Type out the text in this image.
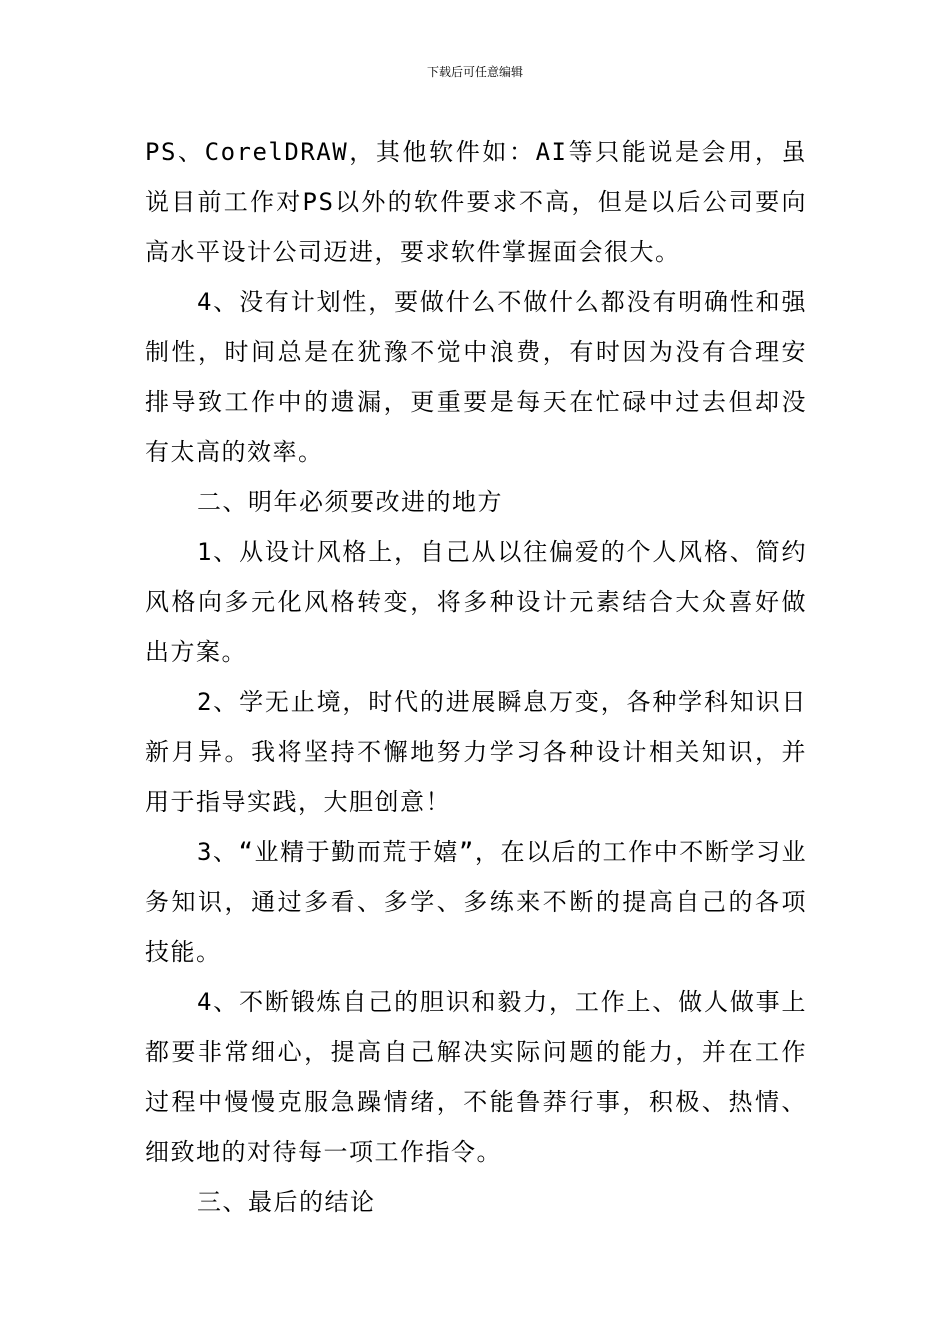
下载后可任意编辑

PS、CorelDRAW，其他软件如：AI等只能说是会用，虽说目前工作对PS以外的软件要求不高，但是以后公司要向高水平设计公司迈进，要求软件掌握面会很大。

4、没有计划性，要做什么不做什么都没有明确性和强制性，时间总是在犹豫不觉中浪费，有时因为没有合理安排导致工作中的遗漏，更重要是每天在忙碌中过去但却没有太高的效率。

二、明年必须要改进的地方

1、从设计风格上，自己从以往偏爱的个人风格、简约风格向多元化风格转变，将多种设计元素结合大众喜好做出方案。

2、学无止境，时代的进展瞬息万变，各种学科知识日新月异。我将坚持不懈地努力学习各种设计相关知识，并用于指导实践，大胆创意！

3、“业精于勤而荒于嬉”，在以后的工作中不断学习业务知识，通过多看、多学、多练来不断的提高自己的各项技能。

4、不断锻炼自己的胆识和毅力，工作上、做人做事上都要非常细心，提高自己解决实际问题的能力，并在工作过程中慢慢克服急躁情绪，不能鲁莽行事，积极、热情、细致地的对待每一项工作指令。

三、最后的结论
